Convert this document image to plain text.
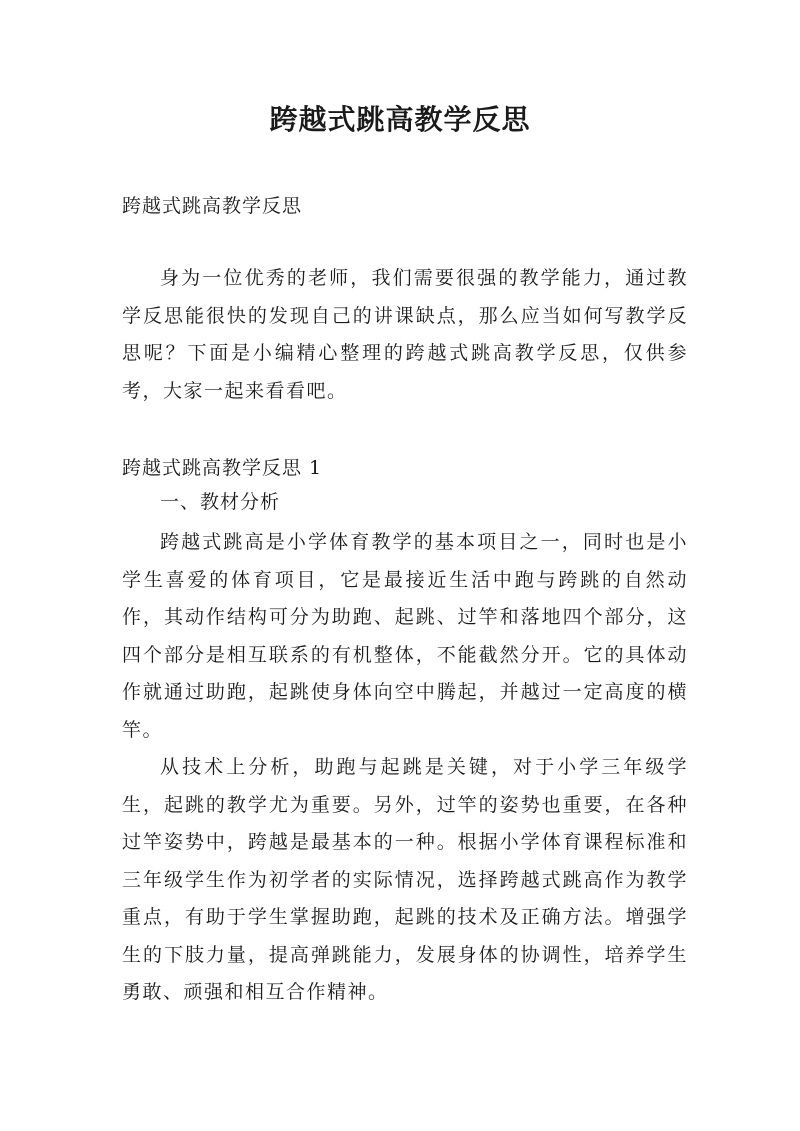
跨越式跳高教学反思
跨越式跳高教学反思

身为一位优秀的老师，我们需要很强的教学能力，通过教学反思能很快的发现自己的讲课缺点，那么应当如何写教学反思呢？下面是小编精心整理的跨越式跳高教学反思，仅供参考，大家一起来看看吧。

跨越式跳高教学反思 1
一、教材分析

跨越式跳高是小学体育教学的基本项目之一，同时也是小学生喜爱的体育项目，它是最接近生活中跑与跨跳的自然动作，其动作结构可分为助跑、起跳、过竿和落地四个部分，这四个部分是相互联系的有机整体，不能截然分开。它的具体动作就通过助跑，起跳使身体向空中腾起，并越过一定高度的横竿。

从技术上分析，助跑与起跳是关键，对于小学三年级学生，起跳的教学尤为重要。另外，过竿的姿势也重要，在各种过竿姿势中，跨越是最基本的一种。根据小学体育课程标准和三年级学生作为初学者的实际情况，选择跨越式跳高作为教学重点，有助于学生掌握助跑，起跳的技术及正确方法。增强学生的下肢力量，提高弹跳能力，发展身体的协调性，培养学生勇敢、顽强和相互合作精神。
